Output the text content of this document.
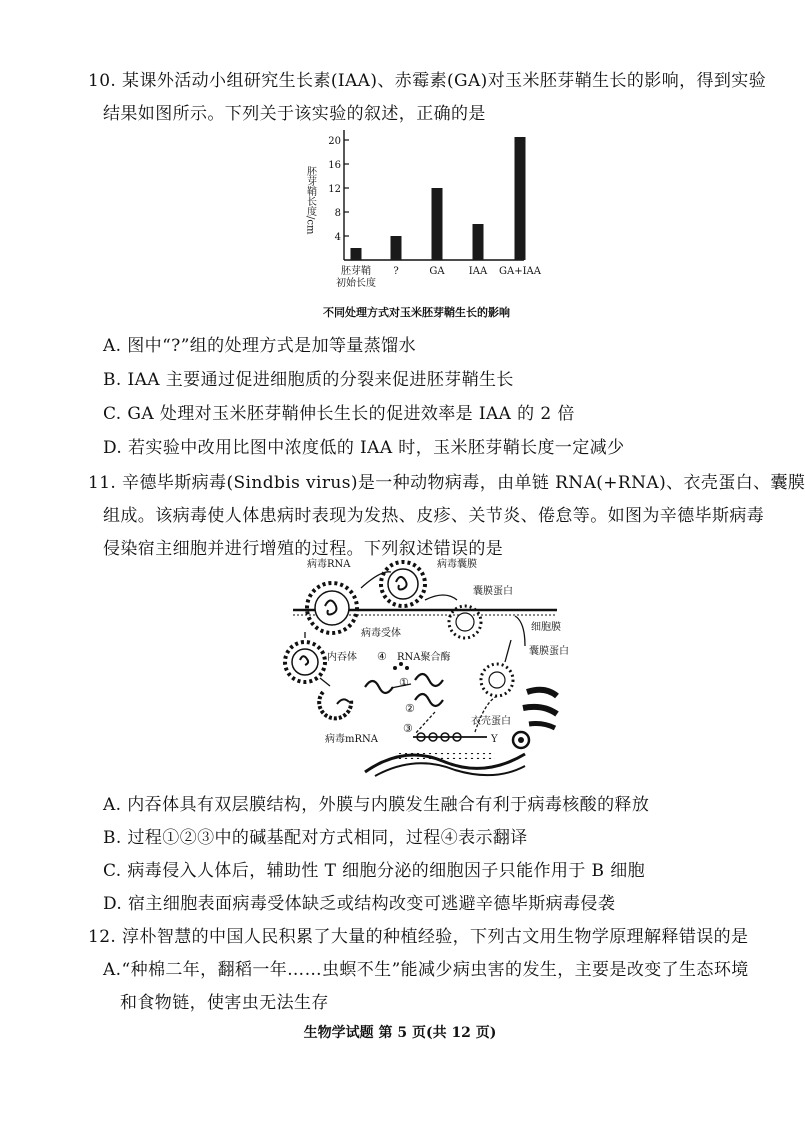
10. 某课外活动小组研究生长素(IAA)、赤霉素(GA)对玉米胚芽鞘生长的影响，得到实验
结果如图所示。下列关于该实验的叙述，正确的是
4
8
12
16
20
胚芽鞘长度/cm
胚芽鞘
初始长度
?	GA IAA GA+IAA
不同处理方式对玉米胚芽鞘生长的影响
A. 图中“?”组的处理方式是加等量蒸馏水
B. IAA 主要通过促进细胞质的分裂来促进胚芽鞘生长
C. GA 处理对玉米胚芽鞘伸长生长的促进效率是 IAA 的 2 倍
D. 若实验中改用比图中浓度低的 IAA 时，玉米胚芽鞘长度一定减少
11. 辛德毕斯病毒(Sindbis virus)是一种动物病毒，由单链 RNA(+RNA)、衣壳蛋白、囊膜
组成。该病毒使人体患病时表现为发热、皮疹、关节炎、倦怠等。如图为辛德毕斯病毒
侵染宿主细胞并进行增殖的过程。下列叙述错误的是
病毒RNA	病毒囊膜
囊膜蛋白
细胞膜
病毒受体
囊膜蛋白
内吞体 ④ RNA聚合酶
①
②
③
衣壳蛋白
病毒mRNA	Y
A. 内吞体具有双层膜结构，外膜与内膜发生融合有利于病毒核酸的释放
B. 过程①②③中的碱基配对方式相同，过程④表示翻译
C. 病毒侵入人体后，辅助性 T 细胞分泌的细胞因子只能作用于 B 细胞
D. 宿主细胞表面病毒受体缺乏或结构改变可逃避辛德毕斯病毒侵袭
12. 淳朴智慧的中国人民积累了大量的种植经验，下列古文用生物学原理解释错误的是
A.“种棉二年，翻稻一年……虫螟不生”能减少病虫害的发生，主要是改变了生态环境
和食物链，使害虫无法生存
生物学试题 第 5 页(共 12 页)
